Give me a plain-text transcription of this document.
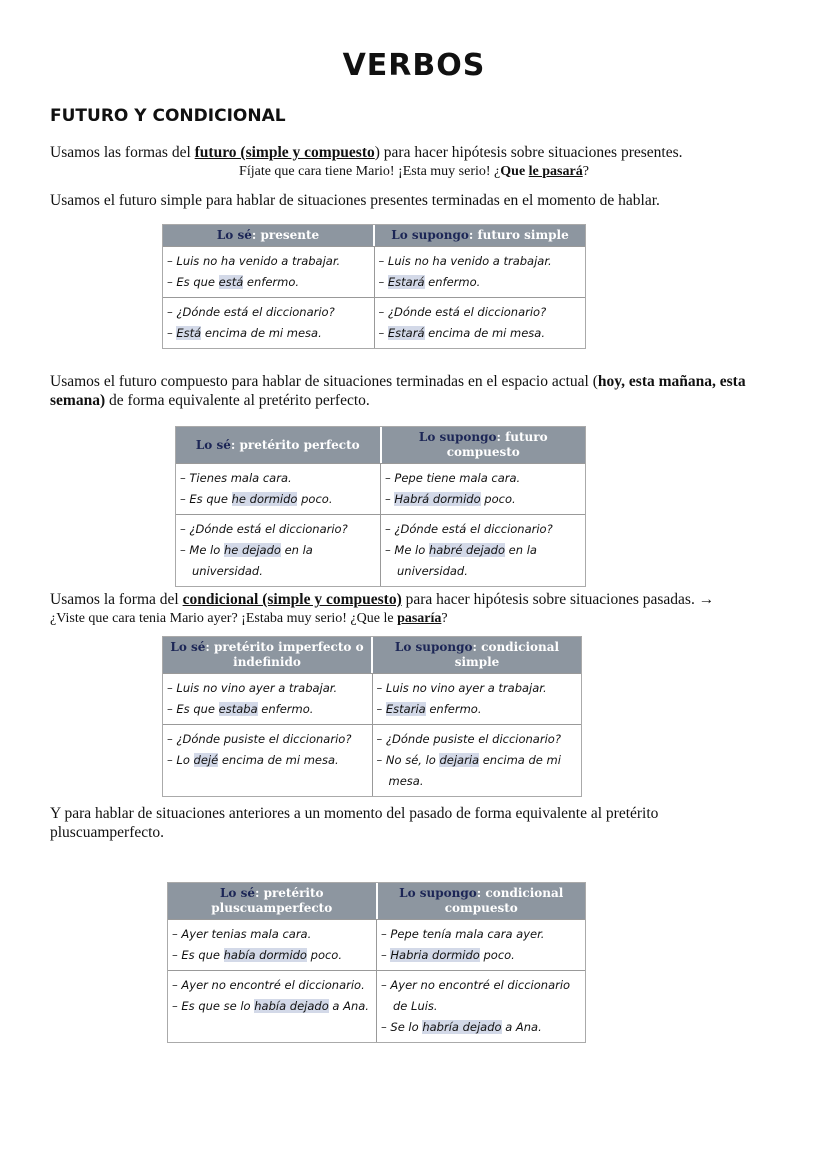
VERBOS
FUTURO Y CONDICIONAL
Usamos las formas del futuro (simple y compuesto) para hacer hipótesis sobre situaciones presentes.
Fíjate que cara tiene Mario! ¡Esta muy serio! ¿Que le pasará?
Usamos el futuro simple para hablar de situaciones presentes terminadas en el momento de hablar.
Lo sé: presente	Lo supongo: futuro simple
– Luis no ha venido a trabajar.
– Es que está enfermo.
– Luis no ha venido a trabajar.
– Estará enfermo.
– ¿Dónde está el diccionario?
– Está encima de mi mesa.
– ¿Dónde está el diccionario?
– Estará encima de mi mesa.
Usamos el futuro compuesto para hablar de situaciones terminadas en el espacio actual (hoy, esta mañana, esta semana) de forma equivalente al pretérito perfecto.
Lo sé: pretérito perfecto
Lo supongo: futuro compuesto
– Tienes mala cara.
– Es que he dormido poco.
– Pepe tiene mala cara.
– Habrá dormido poco.
– ¿Dónde está el diccionario?
– Me lo he dejado en la universidad.
– ¿Dónde está el diccionario?
– Me lo habré dejado en la universidad.
Usamos la forma del condicional (simple y compuesto) para hacer hipótesis sobre situaciones pasadas. →
¿Viste que cara tenia Mario ayer? ¡Estaba muy serio! ¿Que le pasaría?
Lo sé: pretérito imperfecto o indefinido
Lo supongo: condicional simple
– Luis no vino ayer a trabajar.
– Es que estaba enfermo.
– Luis no vino ayer a trabajar.
– Estaria enfermo.
– ¿Dónde pusiste el diccionario?
– Lo dejé encima de mi mesa.
– ¿Dónde pusiste el diccionario?
– No sé, lo dejaria encima de mi mesa.
Y para hablar de situaciones anteriores a un momento del pasado de forma equivalente al pretérito pluscuamperfecto.
Lo sé: pretérito pluscuamperfecto
Lo supongo: condicional compuesto
– Ayer tenias mala cara.
– Es que había dormido poco.
– Pepe tenía mala cara ayer.
– Habria dormido poco.
– Ayer no encontré el diccionario.
– Es que se lo había dejado a Ana.
– Ayer no encontré el diccionario de Luis.
– Se lo habría dejado a Ana.
